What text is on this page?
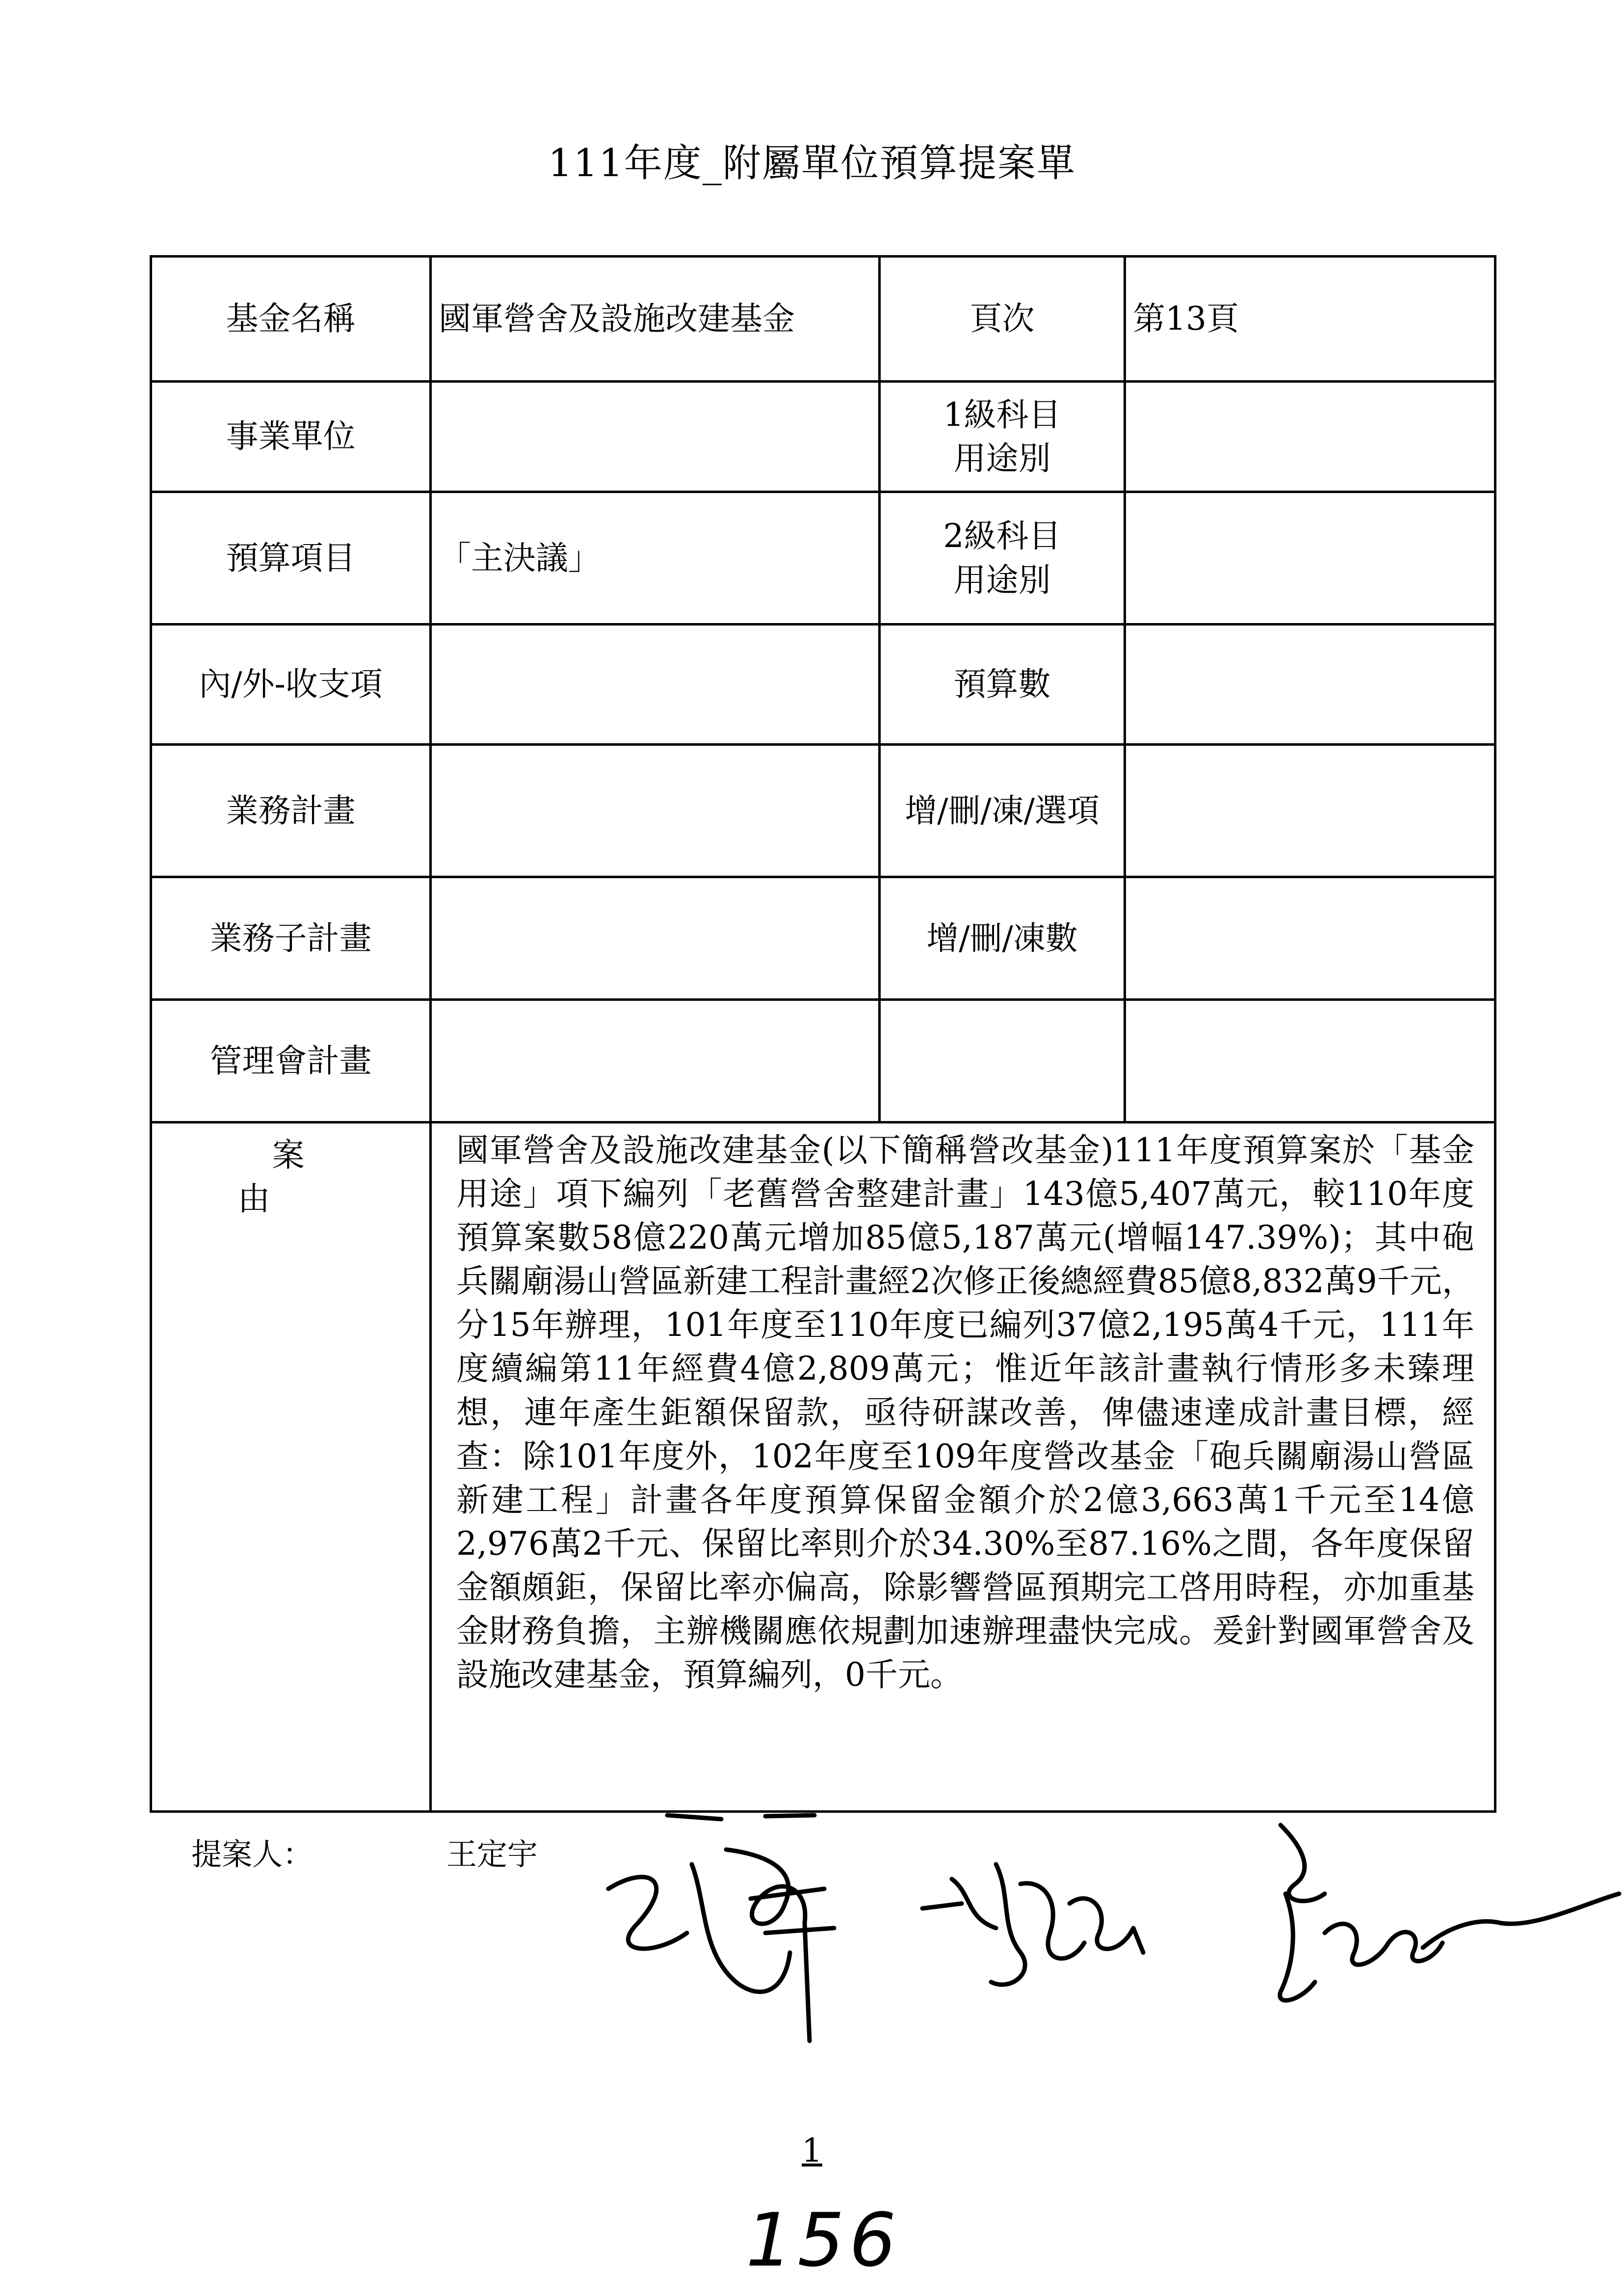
111年度_附屬單位預算提案單
基金名稱	國軍營舍及設施改建基金	頁次	第13頁
事業單位		1級科目
用途別	
預算項目	「主決議」	2級科目
用途別	
內/外-收支項		預算數	
業務計畫		增/刪/凍/選項	
業務子計畫		增/刪/凍數	
管理會計畫			
案由	國軍營舍及設施改建基金(以下簡稱營改基金)111年度預算案於「基金用途」項下編列「老舊營舍整建計畫」143億5,407萬元，較110年度預算案數58億220萬元增加85億5,187萬元(增幅147.39%)；其中砲兵關廟湯山營區新建工程計畫經2次修正後總經費85億8,832萬9千元，分15年辦理，101年度至110年度已編列37億2,195萬4千元，111年度續編第11年經費4億2,809萬元；惟近年該計畫執行情形多未臻理想，連年產生鉅額保留款，亟待研謀改善，俾儘速達成計畫目標，經查：除101年度外，102年度至109年度營改基金「砲兵關廟湯山營區新建工程」計畫各年度預算保留金額介於2億3,663萬1千元至14億2,976萬2千元、保留比率則介於34.30%至87.16%之間，各年度保留金額頗鉅，保留比率亦偏高，除影響營區預期完工啓用時程，亦加重基金財務負擔，主辦機關應依規劃加速辦理盡快完成。爰針對國軍營舍及設施改建基金，預算編列，0千元。		
提案人：	王定宇
1
156
